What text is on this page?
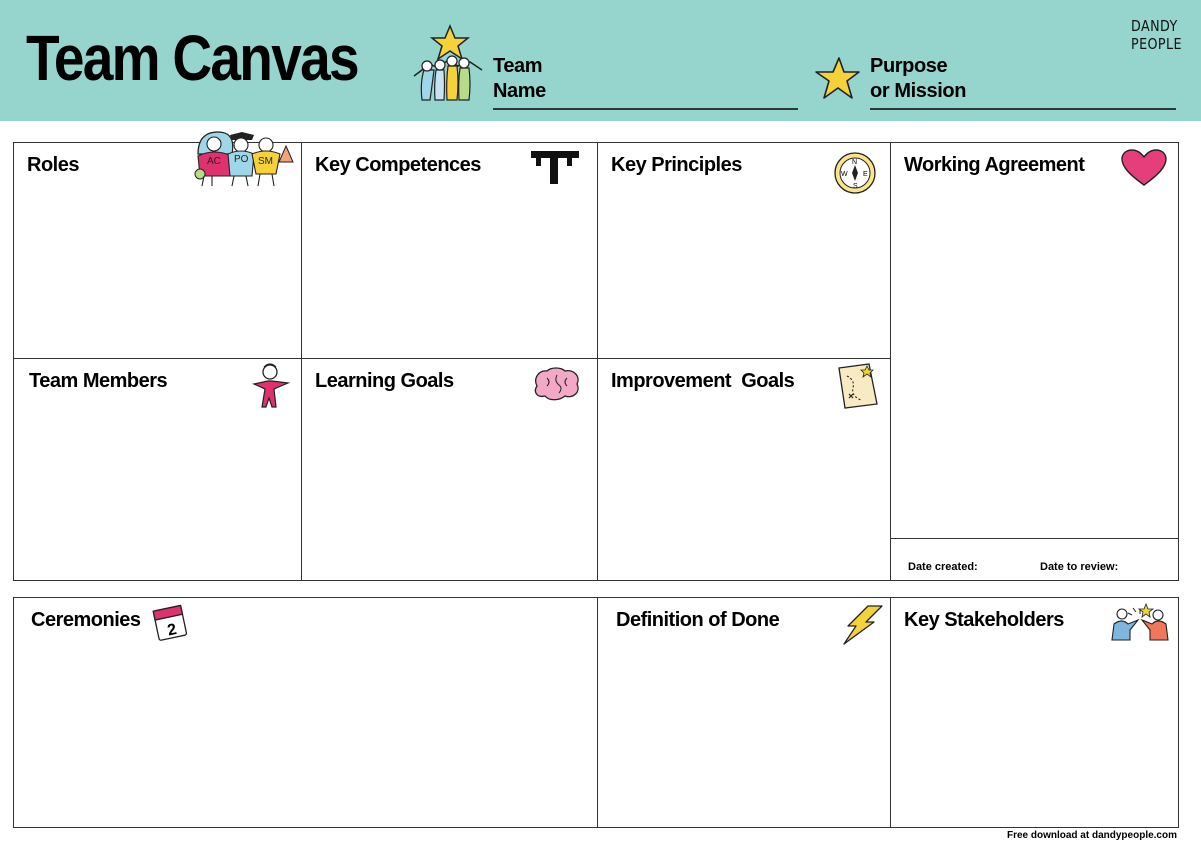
Team Canvas	Team
Name
Purpose
or Mission
DANDY
PEOPLE
Roles	AC PO SM Key Competences	Key Principles	N
E
S
W	Working Agreement
Team Members	Learning Goals	Improvement  Goals
Date created:	Date to review:
Ceremonies 2	Definition of Done	Key Stakeholders
Free download at dandypeople.com
